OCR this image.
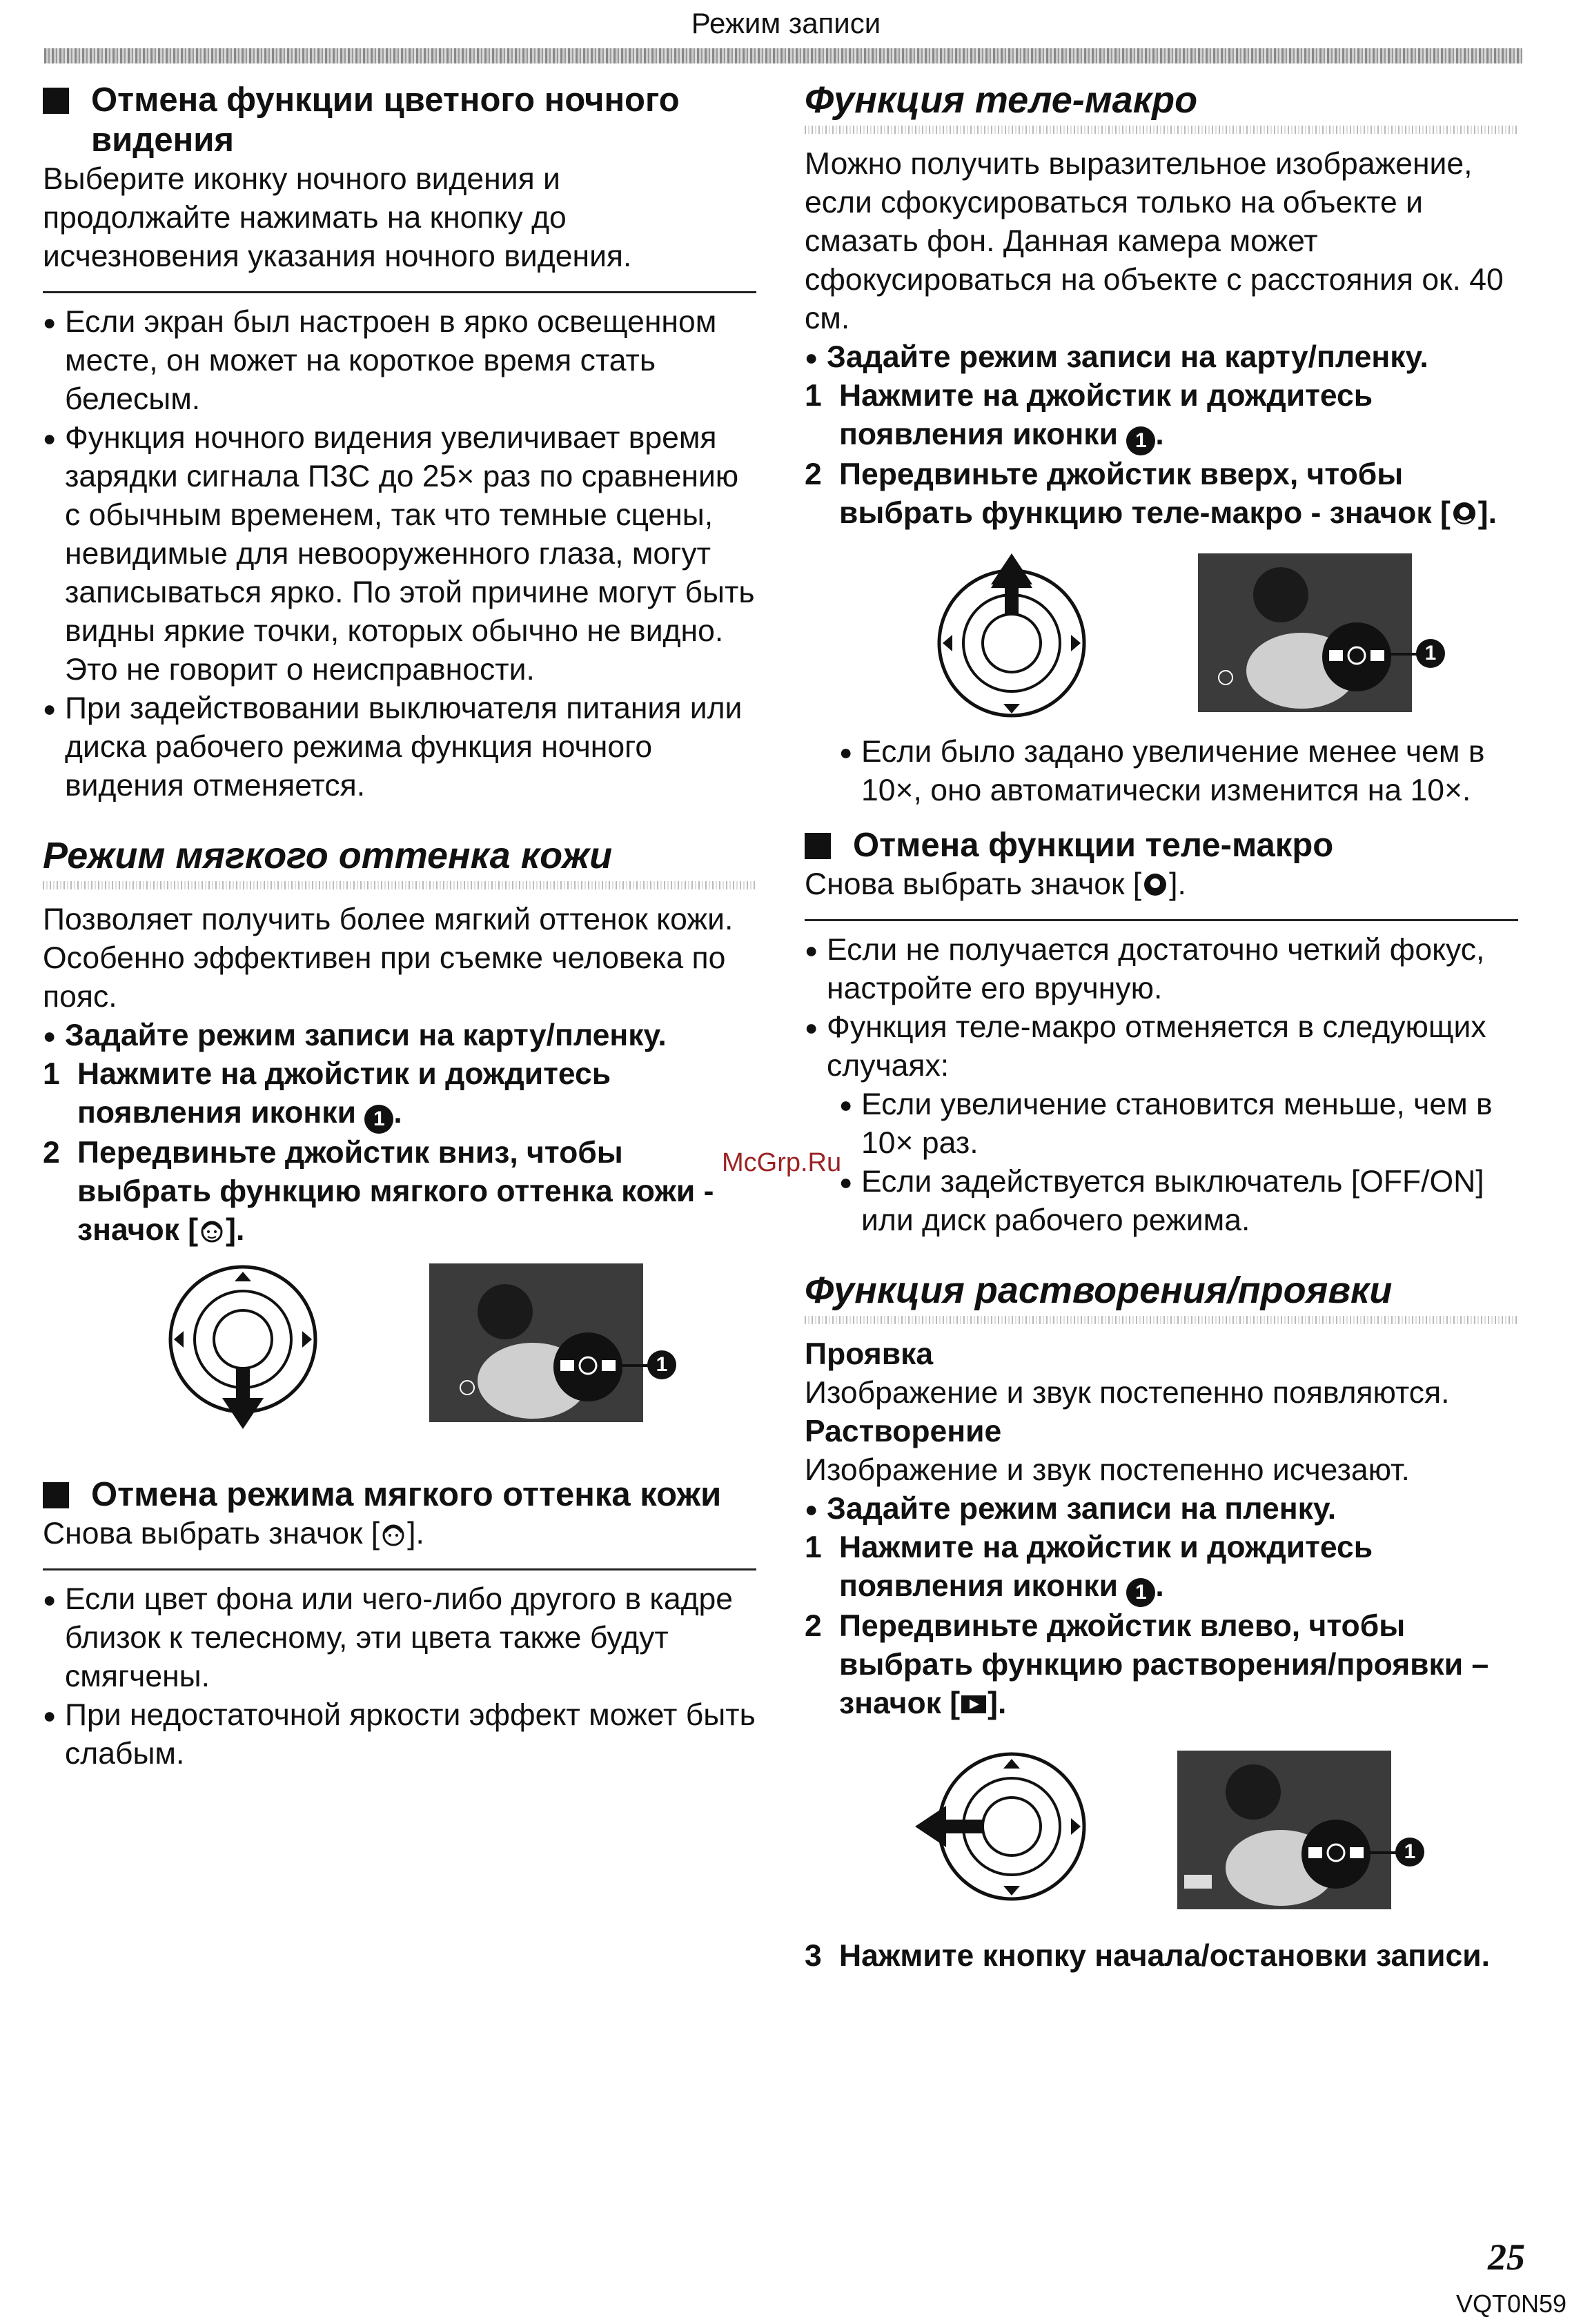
Режим записи
Отмена функции цветного ночного видения

Выберите иконку ночного видения и продолжайте нажимать на кнопку до исчезновения указания ночного видения.

● Если экран был настроен в ярко освещенном месте, он может на короткое время стать белесым.

● Функция ночного видения увеличивает время зарядки сигнала ПЗС до 25× раз по сравнению с обычным временем, так что темные сцены, невидимые для невооруженного глаза, могут записываться ярко. По этой причине могут быть видны яркие точки, которых обычно не видно. Это не говорит о неисправности.

● При задействовании выключателя питания или диска рабочего режима функция ночного видения отменяется.

Режим мягкого оттенка кожи

Позволяет получить более мягкий оттенок кожи. Особенно эффективен при съемке человека по пояс.

● Задайте режим записи на карту/пленку.

1 Нажмите на джойстик и дождитесь появления иконки 1 .
2 Передвиньте джойстик вниз, чтобы выбрать функцию мягкого оттенка кожи - значок [ ].
1
Отмена режима мягкого оттенка кожи

Снова выбрать значок [ ].

● Если цвет фона или чего-либо другого в кадре близок к телесному, эти цвета также будут смягчены.

● При недостаточной яркости эффект может быть слабым.

Функция теле-макро

Можно получить выразительное изображение, если сфокусироваться только на объекте и смазать фон. Данная камера может сфокусироваться на объекте с расстояния ок. 40 см.

● Задайте режим записи на карту/пленку.

1 Нажмите на джойстик и дождитесь появления иконки 1 .
2 Передвиньте джойстик вверх, чтобы выбрать функцию теле-макро - значок [ ].
1

● Если было задано увеличение менее чем в 10×, оно автоматически изменится на 10×.

Отмена функции теле-макро

Снова выбрать значок [ ].

● Если не получается достаточно четкий фокус, настройте его вручную.

● Функция теле-макро отменяется в следующих случаях:

● Если увеличение становится меньше, чем в 10× раз.

● Если задействуется выключатель [OFF/ON] или диск рабочего режима.

Функция растворения/проявки

Проявка

Изображение и звук постепенно появляются.

Растворение

Изображение и звук постепенно исчезают.

● Задайте режим записи на пленку.

1 Нажмите на джойстик и дождитесь появления иконки 1 .
2 Передвиньте джойстик влево, чтобы выбрать функцию растворения/проявки – значок [ ].
1
3 Нажмите кнопку начала/остановки записи.
McGrp.Ru
25
VQT0N59
